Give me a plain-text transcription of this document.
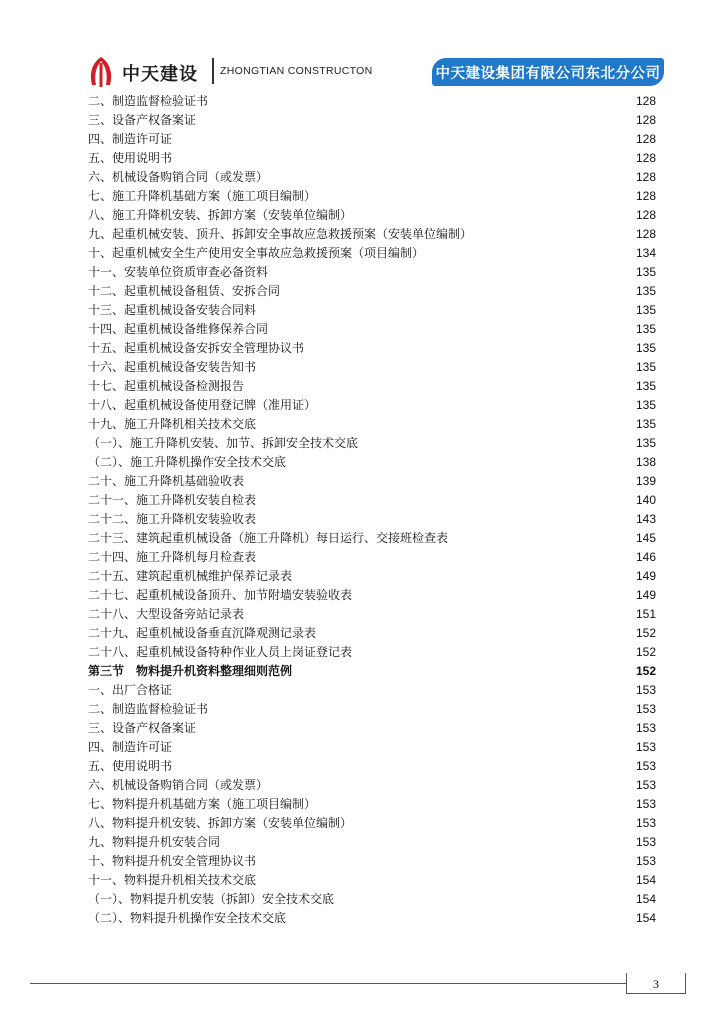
中天建设 ZHONGTIAN CONSTRUCTON	中天建设集团有限公司东北分公司
二、制造监督检验证书	128
三、设备产权备案证	128
四、制造许可证	128
五、使用说明书	128
六、机械设备购销合同（或发票）	128
七、施工升降机基础方案（施工项目编制）	128
八、施工升降机安装、拆卸方案（安装单位编制）	128
九、起重机械安装、顶升、拆卸安全事故应急救援预案（安装单位编制）	128
十、起重机械安全生产使用安全事故应急救援预案（项目编制）	134
十一、安装单位资质审查必备资料	135
十二、起重机械设备租赁、安拆合同	135
十三、起重机械设备安装合同料	135
十四、起重机械设备维修保养合同	135
十五、起重机械设备安拆安全管理协议书	135
十六、起重机械设备安装告知书	135
十七、起重机械设备检测报告	135
十八、起重机械设备使用登记牌（准用证）	135
十九、施工升降机相关技术交底	135
（一）、施工升降机安装、加节、拆卸安全技术交底	135
（二）、施工升降机操作安全技术交底	138
二十、施工升降机基础验收表	139
二十一、施工升降机安装自检表	140
二十二、施工升降机安装验收表	143
二十三、建筑起重机械设备（施工升降机）每日运行、交接班检查表	145
二十四、施工升降机每月检查表	146
二十五、建筑起重机械维护保养记录表	149
二十七、起重机械设备顶升、加节附墙安装验收表	149
二十八、大型设备旁站记录表	151
二十九、起重机械设备垂直沉降观测记录表	152
二十八、起重机械设备特种作业人员上岗证登记表	152
第三节　物料提升机资料整理细则范例	152
一、出厂合格证	153
二、制造监督检验证书	153
三、设备产权备案证	153
四、制造许可证	153
五、使用说明书	153
六、机械设备购销合同（或发票）	153
七、物料提升机基础方案（施工项目编制）	153
八、物料提升机安装、拆卸方案（安装单位编制）	153
九、物料提升机安装合同	153
十、物料提升机安全管理协议书	153
十一、物料提升机相关技术交底	154
（一）、物料提升机安装（拆卸）安全技术交底	154
（二）、物料提升机操作安全技术交底	154
3
